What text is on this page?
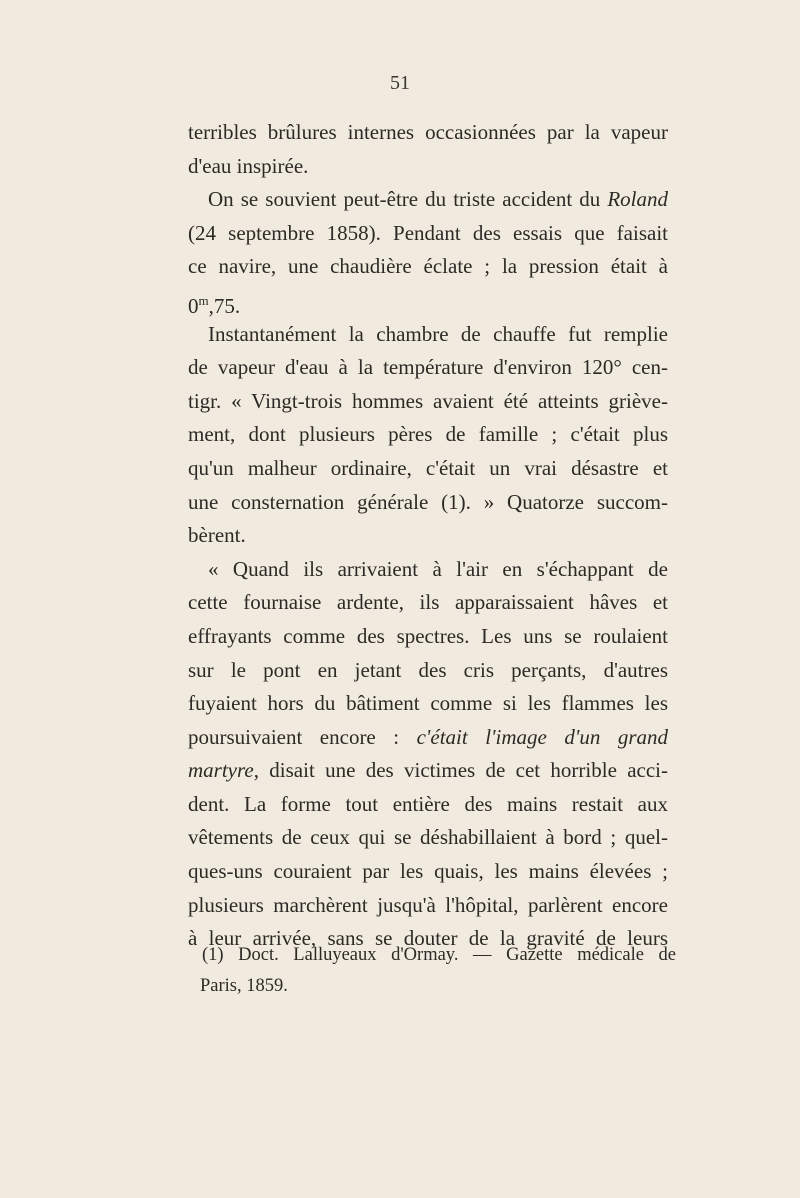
51
terribles brûlures internes occasionnées par la vapeur
d'eau inspirée.
On se souvient peut-être du triste accident du Roland
(24 septembre 1858). Pendant des essais que faisait
ce navire, une chaudière éclate ; la pression était à
0$^m$,75.
Instantanément la chambre de chauffe fut remplie
de vapeur d'eau à la température d'environ 120° cen-
tigr. « Vingt-trois hommes avaient été atteints grièvе-
ment, dont plusieurs pères de famille ; c'était plus
qu'un malheur ordinaire, c'était un vrai désastre et
une consternation générale (1). » Quatorze succom-
bèrent.
« Quand ils arrivaient à l'air en s'échappant de
cette fournaise ardente, ils apparaissaient hâves et
effrayants comme des spectres. Les uns se roulaient
sur le pont en jetant des cris perçants, d'autres
fuyaient hors du bâtiment comme si les flammes les
poursuivaient encore : c'était l'image d'un grand
martyre, disait une des victimes de cet horrible acci-
dent. La forme tout entière des mains restait aux
vêtements de ceux qui se déshabillaient à bord ; quel-
ques-uns couraient par les quais, les mains élevées ;
plusieurs marchèrent jusqu'à l'hôpital, parlèrent encore
à leur arrivée, sans se douter de la gravité de leurs
(1) Doct. Lalluyeaux d'Ormay. — Gazette médicale de
Paris, 1859.
